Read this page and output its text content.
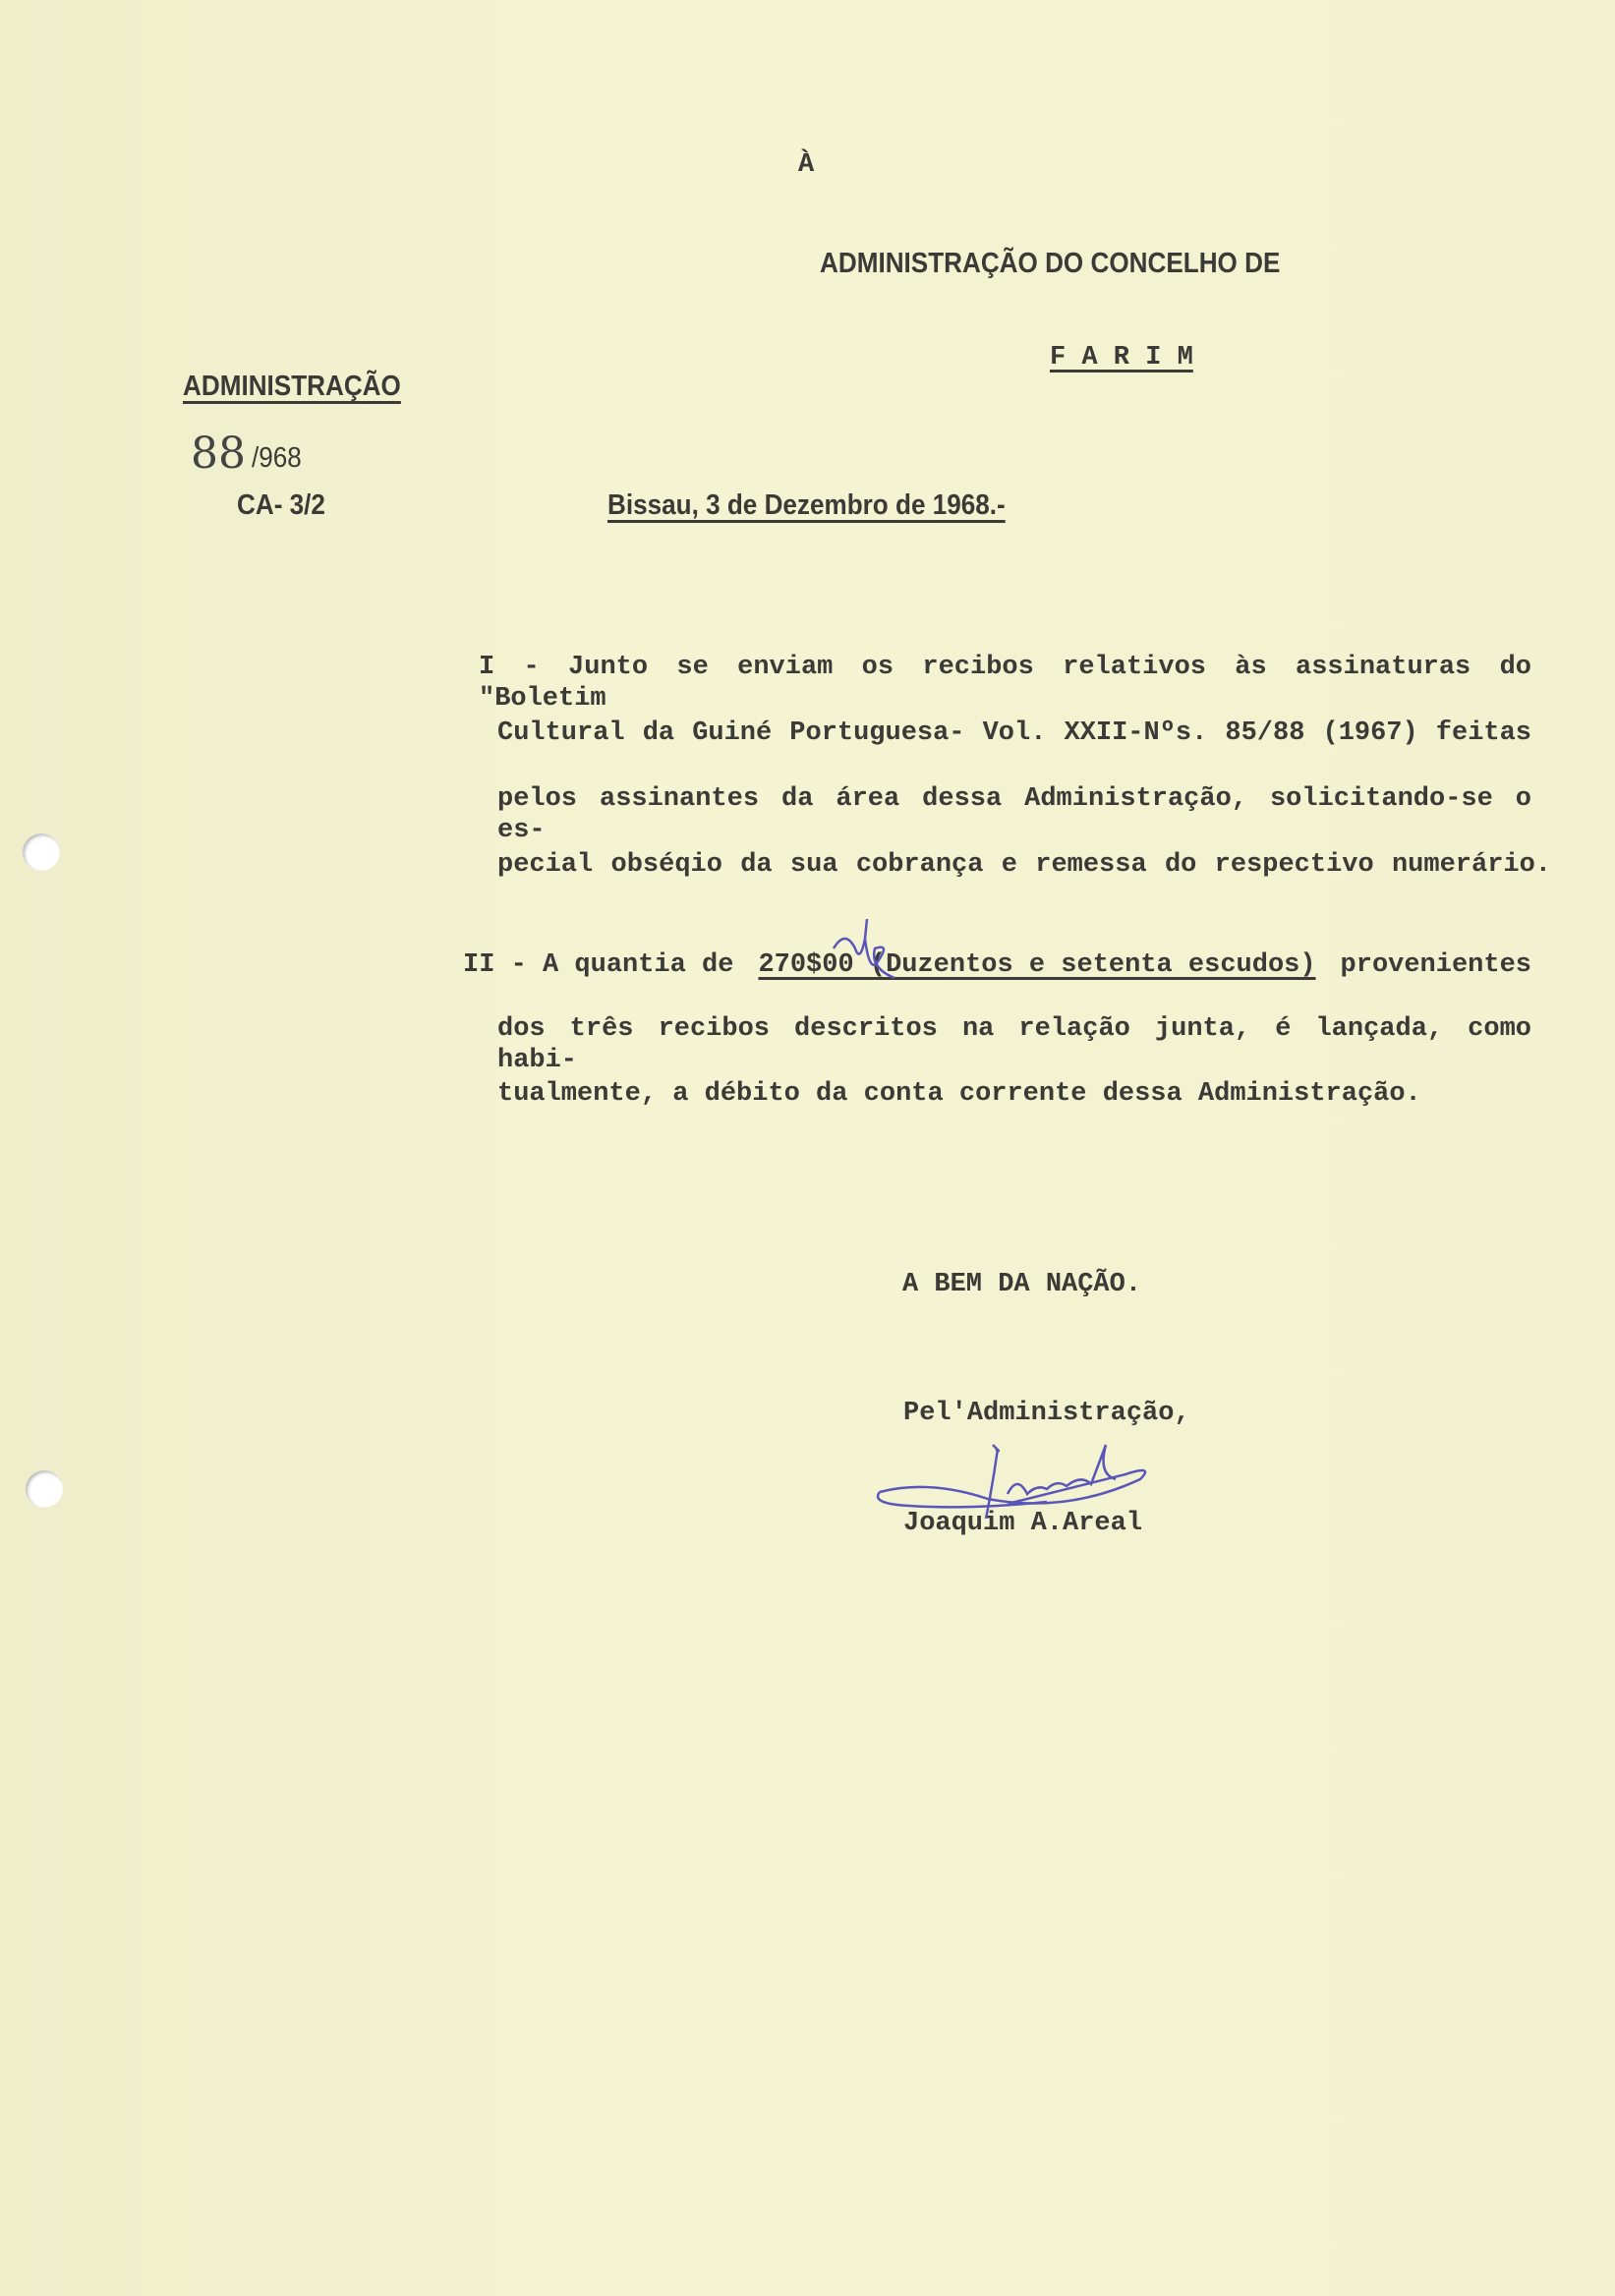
À
ADMINISTRAÇÃO DO CONCELHO DE
F A R I M
ADMINISTRAÇÃO
88 /968
CA- 3/2	Bissau, 3 de Dezembro de 1968.-
I - Junto se enviam os recibos relativos às assinaturas do "Boletim
Cultural da Guiné Portuguesa- Vol. XXII-Nºs. 85/88 (1967) feitas
pelos assinantes da área dessa Administração, solicitando-se o es-
pecial obséqio da sua cobrança e remessa do respectivo numerário.
II - A quantia de 270$00 (Duzentos e setenta escudos) provenientes
dos três recibos descritos na relação junta, é lançada, como habi-
tualmente, a débito da conta corrente dessa Administração.
A BEM DA NAÇÃO.
Pel'Administração,
Joaquim A.Areal
